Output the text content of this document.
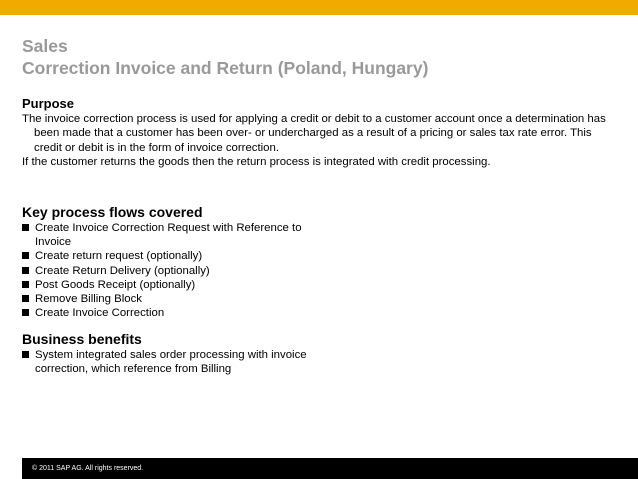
Sales
Correction Invoice and Return (Poland, Hungary)
Purpose

The invoice correction process is used for applying a credit or debit to a customer account once a determination has been made that a customer has been over- or undercharged as a result of a pricing or sales tax rate error. This credit or debit is in the form of invoice correction.

If the customer returns the goods then the return process is integrated with credit processing.

Key process flows covered
Create Invoice Correction Request with Reference to Invoice
Create return request (optionally)
Create Return Delivery (optionally)
Post Goods Receipt (optionally)
Remove Billing Block
Create Invoice Correction
Business benefits
System integrated sales order processing with invoice correction, which reference from Billing
© 2011 SAP AG. All rights reserved.
